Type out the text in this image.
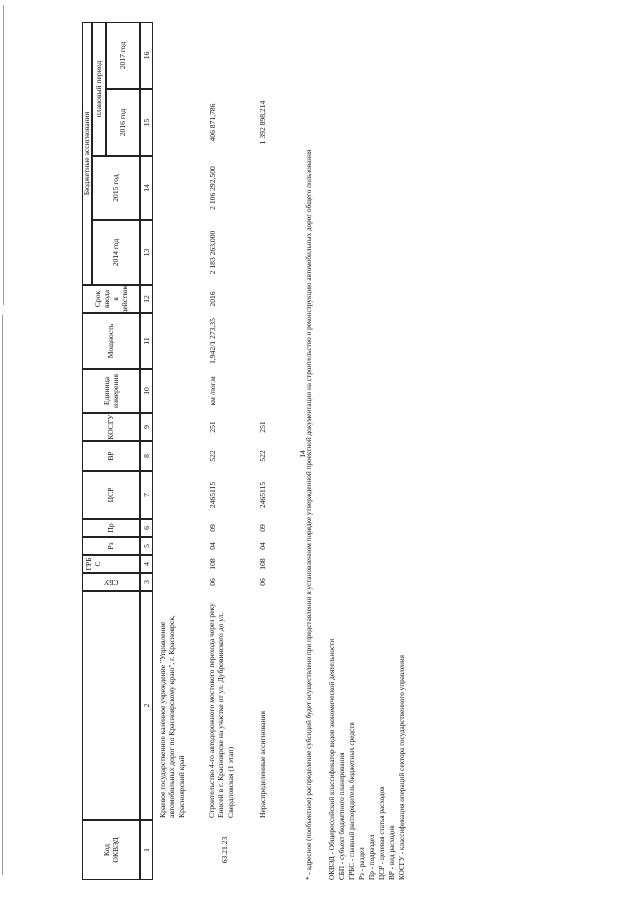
Код
ОКВЭД
СБУ
ГРБ
С
Рз
Пр
ЦСР
ВР
КОСГУ
Единица
измерения
Мощность
Срок
ввода
в
действие
Бюджетные ассигнования
2014 год
2015 год
плановый период
2016 год
2017 год
1
2
3
4
5
6
7
8
9
10
11
12
13
14
15
16
Краевое государственное казенное учреждение "Управление автомобильных дорог по Красноярскому краю", г. Красноярск, Красноярский край
63.21.23
Строительство 4-го автодорожного мостового перехода через реку Енисей в г. Красноярске на участке от ул. Дубровинского до ул. Свердловская (1 этап)
06
108
04
09
2465115
522
251
км /пог.м
1,942/1 273,35
2016
2 183 263,000
2 106 292,500
406 871,786
Нераспределенные ассигнования
06
108
04
09
2465115
522
251
1 392 898,214
14
* - адресное (пообъектное) распределение субсидий будет осуществлено при представлении в установленном порядке утвержденной проектной документации на строительство и реконструкцию автомобильных дорог общего пользования ОКВЭД - Общероссийский классификатор видов экономической деятельности СБП - субъект бюджетного планирования ГРБС - главный распорядитель бюджетных средств Рз - раздел Пр - подраздел ЦСР - целевая статья расходов ВР - вид расходов КОСГУ - классификация операций сектора государственного управления
